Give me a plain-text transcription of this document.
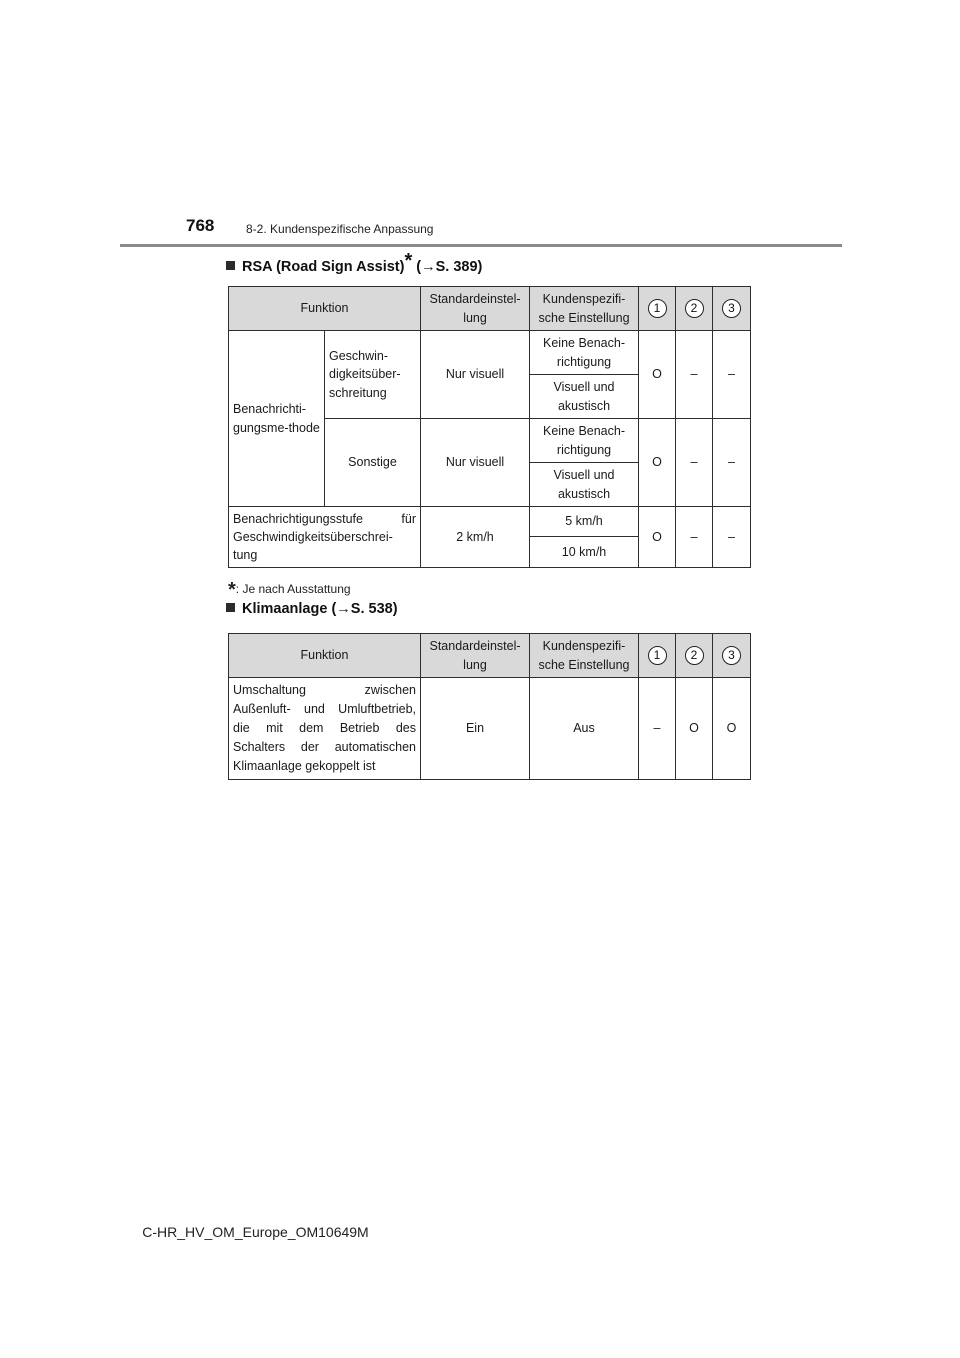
768	8-2. Kundenspezifische Anpassung
RSA (Road Sign Assist)* (→S. 389)
Funktion		Standardeinstel-lung	Kundenspezifi-sche Einstellung	1	2	3
Benachrichti-gungsme-thode	Geschwin-digkeitsüber-schreitung	Nur visuell	Keine Benach-richtigung	O	–	–
			Visuell und akustisch			
	Sonstige	Nur visuell	Keine Benach-richtigung	O	–	–
			Visuell und akustisch			
Benachrichtigungsstufe für Geschwindigkeitsüberschrei-tung		2 km/h	5 km/h	O	–	–
			10 km/h			
*: Je nach Ausstattung
Klimaanlage (→S. 538)
Funktion	Standardeinstel-lung	Kundenspezifi-sche Einstellung	1	2	3
Umschaltung zwischen Außenluft- und Umluftbetrieb, die mit dem Betrieb des Schalters der automatischen Klimaanlage gekoppelt ist	Ein	Aus	–	O	O
C-HR_HV_OM_Europe_OM10649M
